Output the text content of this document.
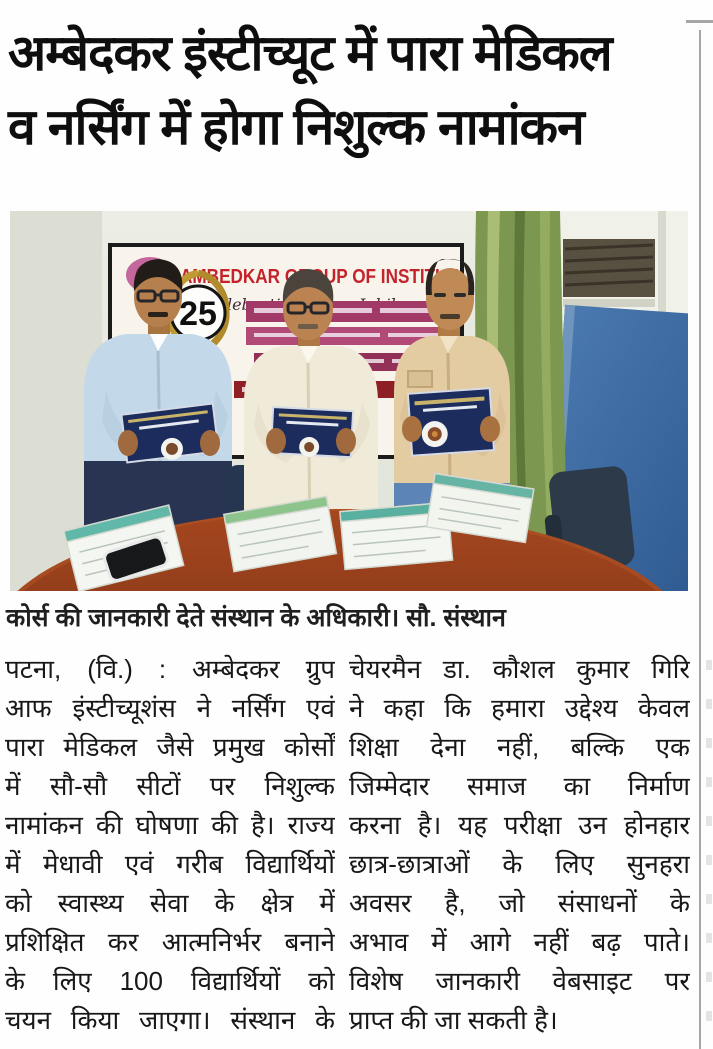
अम्बेदकर इंस्टीच्यूट में पारा मेडिकल
व नर्सिंग में होगा निशुल्क नामांकन
AMBEDKAR OF INSTITUT
25
कोर्स की जानकारी देते संस्थान के अधिकारी। सौ. संस्थान
पटना, (वि.) : अम्बेदकर ग्रुप
आफ इंस्टीच्यूशंस ने नर्सिंग एवं
पारा मेडिकल जैसे प्रमुख कोर्सों
में सौ-सौ सीटों पर निशुल्क
नामांकन की घोषणा की है। राज्य
में मेधावी एवं गरीब विद्यार्थियों
को स्वास्थ्य सेवा के क्षेत्र में
प्रशिक्षित कर आत्मनिर्भर बनाने
के लिए 100 विद्यार्थियों को
चयन किया जाएगा। संस्थान के
चेयरमैन डा. कौशल कुमार गिरि
ने कहा कि हमारा उद्देश्य केवल
शिक्षा देना नहीं, बल्कि एक
जिम्मेदार समाज का निर्माण
करना है। यह परीक्षा उन होनहार
छात्र-छात्राओं के लिए सुनहरा
अवसर है, जो संसाधनों के
अभाव में आगे नहीं बढ़ पाते।
विशेष जानकारी वेबसाइट पर
प्राप्त की जा सकती है।
